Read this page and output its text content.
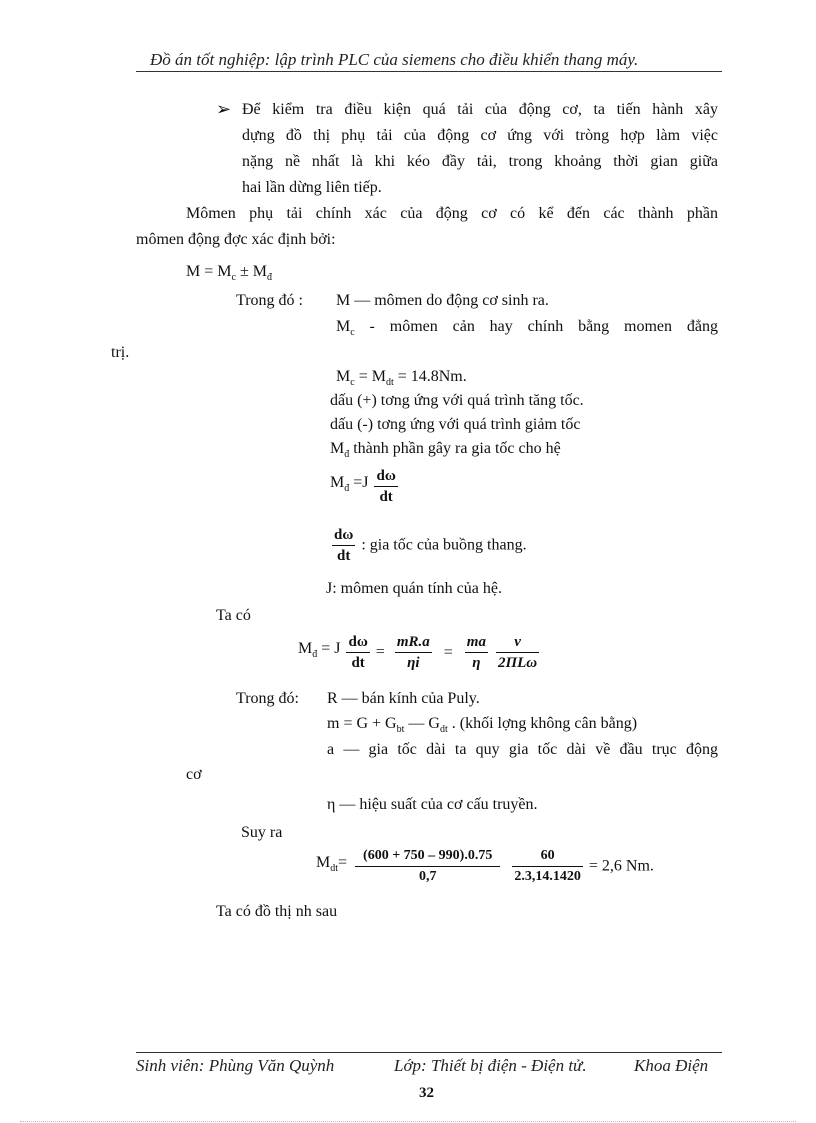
Đồ án tốt nghiệp: lập trình PLC của siemens cho điều khiển thang máy.
➢ Để kiểm tra điều kiện quá tải của động cơ, ta tiến hành xây
dựng đồ thị phụ tải của động cơ ứng với tròng hợp làm việc
nặng nề nhất là khi kéo đầy tải, trong khoảng thời gian giữa
hai lần dừng liên tiếp.
Mômen phụ tải chính xác của động cơ có kể đến các thành phần
mômen động đợc xác định bởi:
$M = M_c \pm M_đ$
Trong đó : M — mômen do động cơ sinh ra.
$M_c$ - mômen cản hay chính bằng momen đẳng
trị.
$M_c = M_{dt} = 14.8Nm$.
dấu (+) tơng ứng với quá trình tăng tốc.
dấu (-) tơng ứng với quá trình giảm tốc
$M_đ$ thành phần gây ra gia tốc cho hệ
$M_đ =J \frac{d\omega}{dt}$
$\frac{d\omega}{dt}$ : gia tốc của buồng thang.
J: mômen quán tính của hệ.
Ta có
$M_đ = J \frac{d\omega}{dt} = \frac{mR.a}{\eta i} = \frac{ma}{\eta}$
$\frac{v}{\text{2ΠLω}}$
Trong đó: R — bán kính của Puly.
$m = G + G_{bt}$ — $G_{dt}$ . (khối lợng không cân bằng)
a — gia tốc dài ta quy gia tốc dài về đầu trục động
cơ
η — hiệu suất của cơ cấu truyền.
Suy ra
$M_{dt}= \frac{(600 + 750 - 990).0.75}{0,7}$
$\frac{60}{2.3,14.1420} = 2,6$ Nm.
Ta có đồ thị nh sau
Sinh viên: Phùng Văn Quỳnh	Lớp: Thiết bị điện - Điện tử.	Khoa Điện
32
